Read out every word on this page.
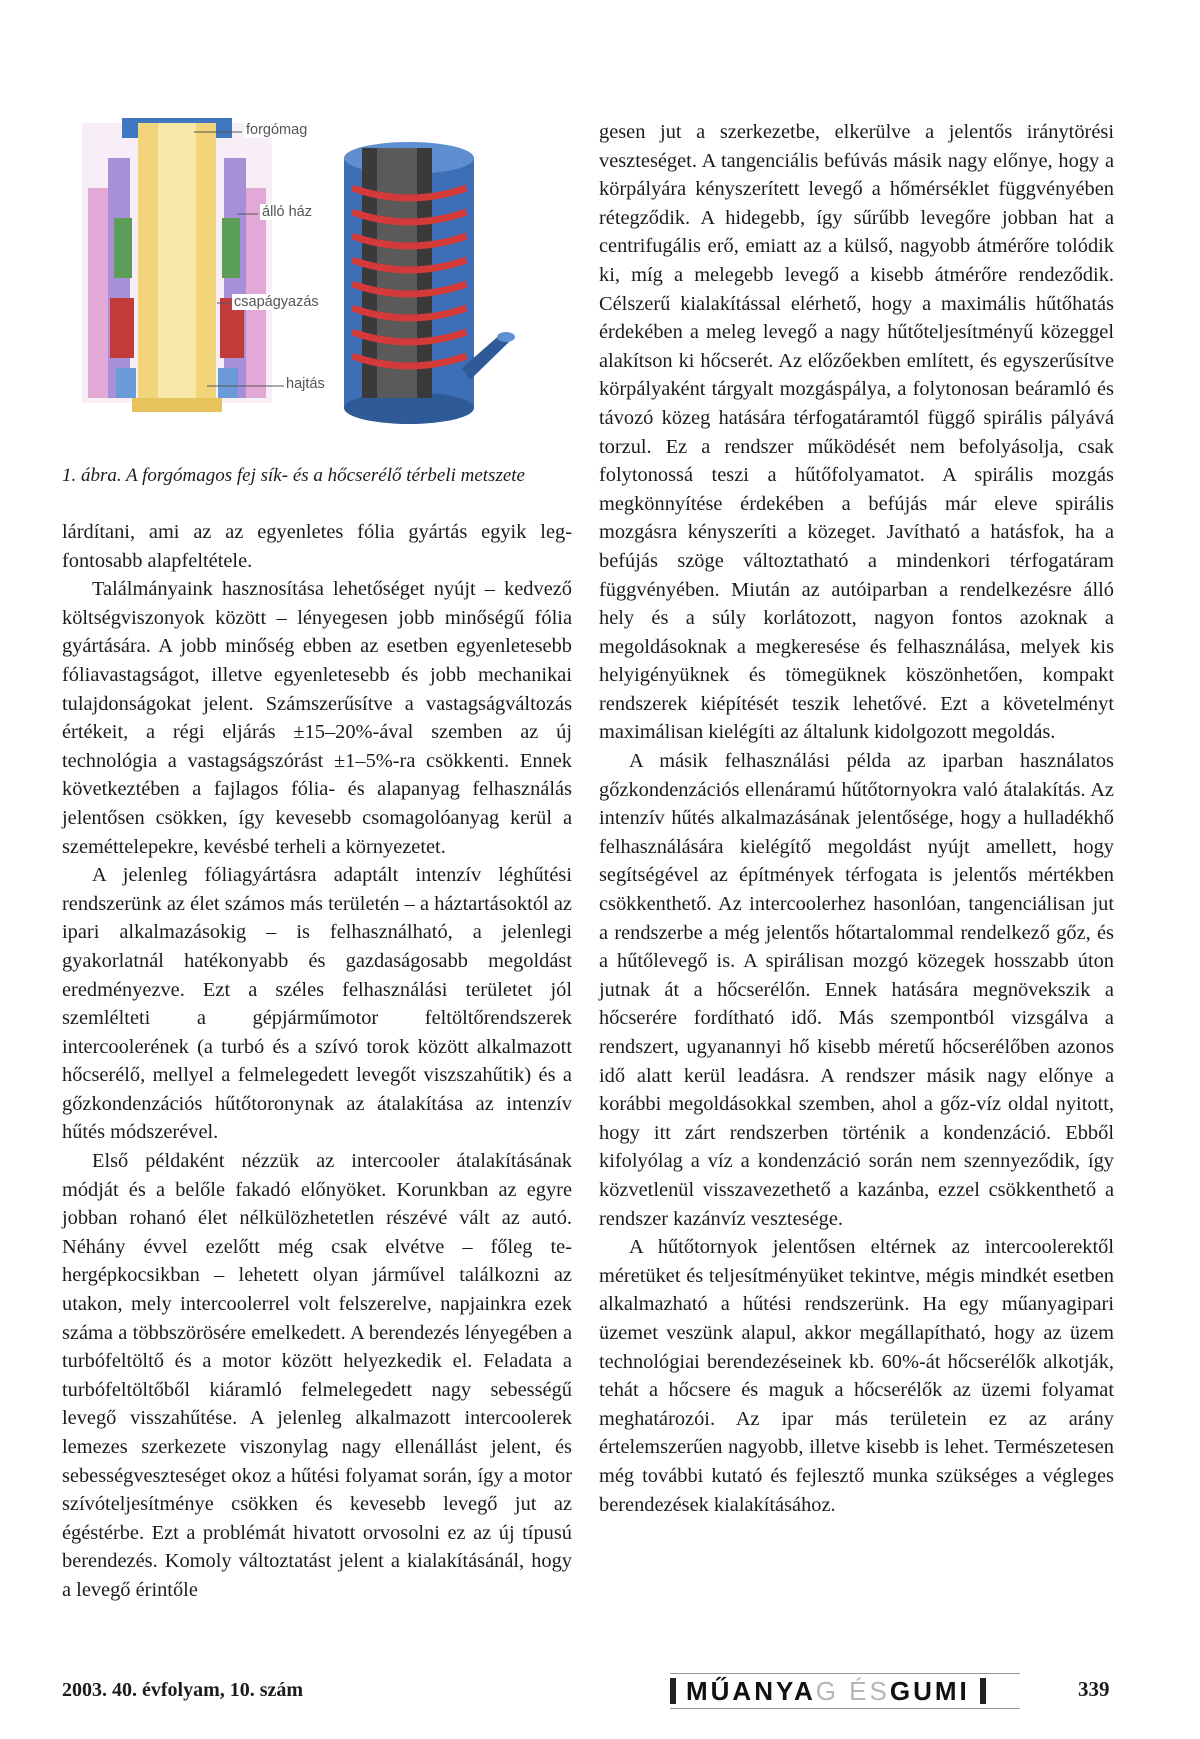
forgómag
álló ház
csapágyazás
hajtás
1. ábra. A forgómagos fej sík- és a hőcserélő térbeli metszete

lárdítani, ami az az egyenletes fólia gyártás egyik legfontosabb alapfeltétele.

Találmányaink hasznosítása lehetőséget nyújt – kedvező költségviszonyok között – lényegesen jobb minőségű fólia gyártására. A jobb minőség ebben az esetben egyenletesebb fóliavastagságot, illetve egyenletesebb és jobb mechanikai tulajdonságokat jelent. Számszerűsítve a vastagságváltozás értékeit, a régi eljárás ±15–20%-ával szemben az új technológia a vastagságszórást ±1–5%-ra csökkenti. Ennek következtében a fajlagos fólia- és alapanyag felhasználás jelentősen csökken, így kevesebb csomagolóanyag kerül a szeméttelepekre, kevésbé terheli a környezetet.

A jelenleg fóliagyártásra adaptált intenzív léghűtési rendszerünk az élet számos más területén – a háztartásoktól az ipari alkalmazásokig – is felhasználható, a jelenlegi gyakorlatnál hatékonyabb és gazdaságosabb megoldást eredményezve. Ezt a széles felhasználási területet jól szemlélteti a gépjárműmotor feltöltőrendszerek intercoolerének (a turbó és a szívó torok között alkalmazott hőcserélő, mellyel a felmelegedett levegőt viszszahűtik) és a gőzkondenzációs hűtőtoronynak az átalakítása az intenzív hűtés módszerével.

Első példaként nézzük az intercooler átalakításának módját és a belőle fakadó előnyöket. Korunkban az egyre jobban rohanó élet nélkülözhetetlen részévé vált az autó. Néhány évvel ezelőtt még csak elvétve – főleg tehergépkocsikban – lehetett olyan járművel találkozni az utakon, mely intercoolerrel volt felszerelve, napjainkra ezek száma a többszörösére emelkedett. A berendezés lényegében a turbófeltöltő és a motor között helyezkedik el. Feladata a turbófeltöltőből kiáramló felmelegedett nagy sebességű levegő visszahűtése. A jelenleg alkalmazott intercoolerek lemezes szerkezete viszonylag nagy ellenállást jelent, és sebességveszteséget okoz a hűtési folyamat során, így a motor szívóteljesítménye csökken és kevesebb levegő jut az égéstérbe. Ezt a problémát hivatott orvosolni ez az új típusú berendezés. Komoly változtatást jelent a kialakításánál, hogy a levegő érintőle

gesen jut a szerkezetbe, elkerülve a jelentős iránytörési veszteséget. A tangenciális befúvás másik nagy előnye, hogy a körpályára kényszerített levegő a hőmérséklet függvényében rétegződik. A hidegebb, így sűrűbb levegőre jobban hat a centrifugális erő, emiatt az a külső, nagyobb átmérőre tolódik ki, míg a melegebb levegő a kisebb átmérőre rendeződik. Célszerű kialakítással elérhető, hogy a maximális hűtőhatás érdekében a meleg levegő a nagy hűtőteljesítményű közeggel alakítson ki hőcserét. Az előzőekben említett, és egyszerűsítve körpályaként tárgyalt mozgáspálya, a folytonosan beáramló és távozó közeg hatására térfogatáramtól függő spirális pályává torzul. Ez a rendszer működését nem befolyásolja, csak folytonossá teszi a hűtőfolyamatot. A spirális mozgás megkönnyítése érdekében a befújás már eleve spirális mozgásra kényszeríti a közeget. Javítható a hatásfok, ha a befújás szöge változtatható a mindenkori térfogatáram függvényében. Miután az autóiparban a rendelkezésre álló hely és a súly korlátozott, nagyon fontos azoknak a megoldásoknak a megkeresése és felhasználása, melyek kis helyigényüknek és tömegüknek köszönhetően, kompakt rendszerek kiépítését teszik lehetővé. Ezt a követelményt maximálisan kielégíti az általunk kidolgozott megoldás.

A másik felhasználási példa az iparban használatos gőzkondenzációs ellenáramú hűtőtornyokra való átalakítás. Az intenzív hűtés alkalmazásának jelentősége, hogy a hulladékhő felhasználására kielégítő megoldást nyújt amellett, hogy segítségével az építmények térfogata is jelentős mértékben csökkenthető. Az intercoolerhez hasonlóan, tangenciálisan jut a rendszerbe a még jelentős hőtartalommal rendelkező gőz, és a hűtőlevegő is. A spirálisan mozgó közegek hosszabb úton jutnak át a hőcserélőn. Ennek hatására megnövekszik a hőcserére fordítható idő. Más szempontból vizsgálva a rendszert, ugyanannyi hő kisebb méretű hőcserélőben azonos idő alatt kerül leadásra. A rendszer másik nagy előnye a korábbi megoldásokkal szemben, ahol a gőz-víz oldal nyitott, hogy itt zárt rendszerben történik a kondenzáció. Ebből kifolyólag a víz a kondenzáció során nem szennyeződik, így közvetlenül visszavezethető a kazánba, ezzel csökkenthető a rendszer kazánvíz vesztesége.

A hűtőtornyok jelentősen eltérnek az intercoolerektől méretüket és teljesítményüket tekintve, mégis mindkét esetben alkalmazható a hűtési rendszerünk. Ha egy műanyagipari üzemet veszünk alapul, akkor megállapítható, hogy az üzem technológiai berendezéseinek kb. 60%-át hőcserélők alkotják, tehát a hőcsere és maguk a hőcserélők az üzemi folyamat meghatározói. Az ipar más területein ez az arány értelemszerűen nagyobb, illetve kisebb is lehet. Természetesen még további kutató és fejlesztő munka szükséges a végleges berendezések kialakításához.

2003. 40. évfolyam, 10. szám	MŰANYA G ÉS GUMI	339
